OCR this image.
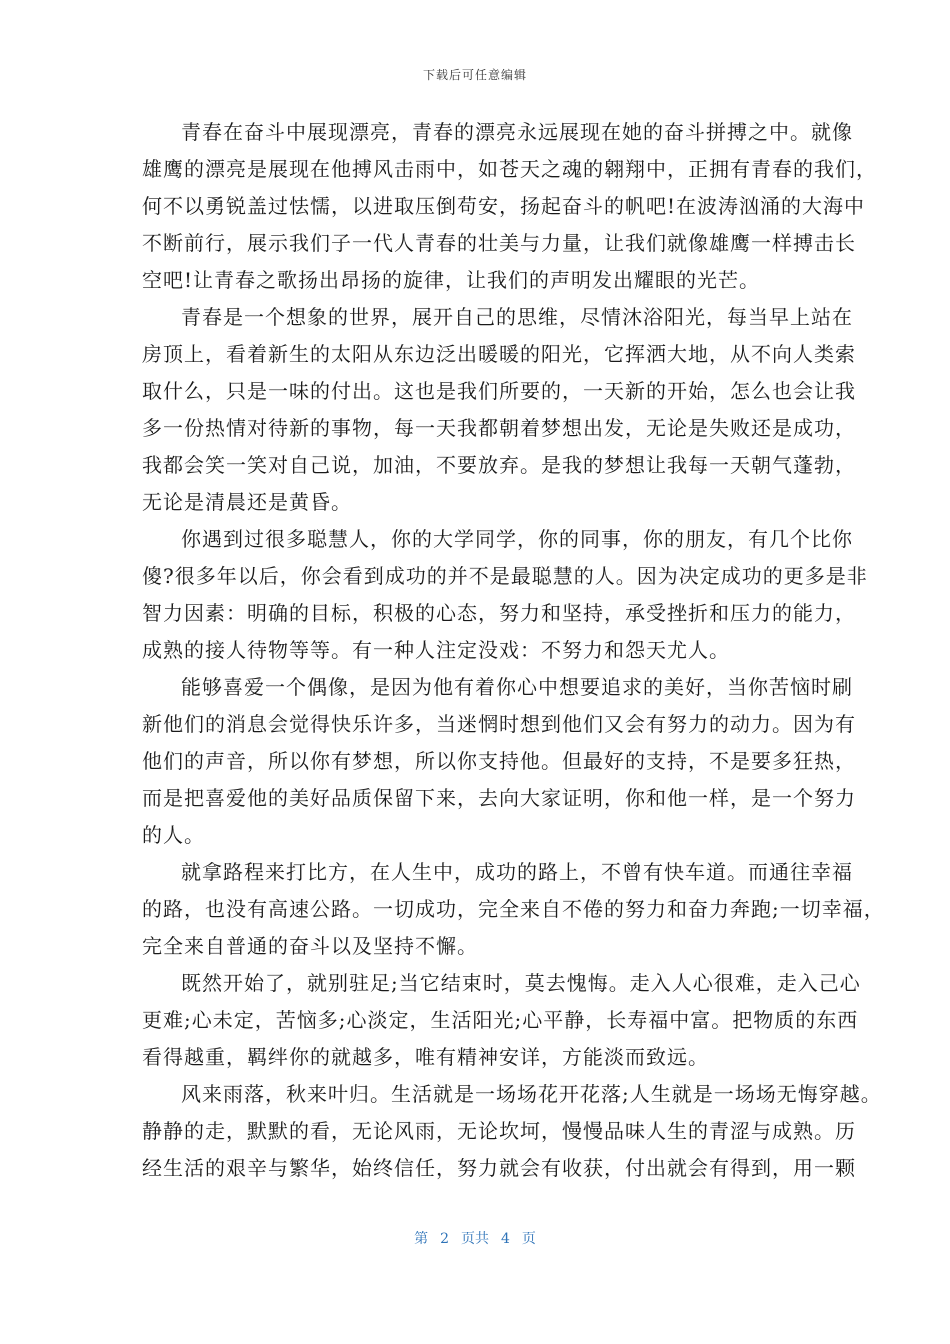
下载后可任意编辑
青春在奋斗中展现漂亮，青春的漂亮永远展现在她的奋斗拼搏之中。就像
雄鹰的漂亮是展现在他搏风击雨中，如苍天之魂的翱翔中，正拥有青春的我们，
何不以勇锐盖过怯懦，以进取压倒苟安，扬起奋斗的帆吧!在波涛汹涌的大海中
不断前行，展示我们子一代人青春的壮美与力量，让我们就像雄鹰一样搏击长
空吧!让青春之歌扬出昂扬的旋律，让我们的声明发出耀眼的光芒。
青春是一个想象的世界，展开自己的思维，尽情沐浴阳光，每当早上站在
房顶上，看着新生的太阳从东边泛出暖暖的阳光，它挥洒大地，从不向人类索
取什么，只是一味的付出。这也是我们所要的，一天新的开始，怎么也会让我
多一份热情对待新的事物，每一天我都朝着梦想出发，无论是失败还是成功，
我都会笑一笑对自己说，加油，不要放弃。是我的梦想让我每一天朝气蓬勃，
无论是清晨还是黄昏。
你遇到过很多聪慧人，你的大学同学，你的同事，你的朋友，有几个比你
傻?很多年以后，你会看到成功的并不是最聪慧的人。因为决定成功的更多是非
智力因素：明确的目标，积极的心态，努力和坚持，承受挫折和压力的能力，
成熟的接人待物等等。有一种人注定没戏：不努力和怨天尤人。
能够喜爱一个偶像，是因为他有着你心中想要追求的美好，当你苦恼时刷
新他们的消息会觉得快乐许多，当迷惘时想到他们又会有努力的动力。因为有
他们的声音，所以你有梦想，所以你支持他。但最好的支持，不是要多狂热，
而是把喜爱他的美好品质保留下来，去向大家证明，你和他一样，是一个努力
的人。
就拿路程来打比方，在人生中，成功的路上，不曾有快车道。而通往幸福
的路，也没有高速公路。一切成功，完全来自不倦的努力和奋力奔跑;一切幸福，
完全来自普通的奋斗以及坚持不懈。
既然开始了，就别驻足;当它结束时，莫去愧悔。走入人心很难，走入己心
更难;心未定，苦恼多;心淡定，生活阳光;心平静，长寿福中富。把物质的东西
看得越重，羁绊你的就越多，唯有精神安详，方能淡而致远。
风来雨落，秋来叶归。生活就是一场场花开花落;人生就是一场场无悔穿越。
静静的走，默默的看，无论风雨，无论坎坷，慢慢品味人生的青涩与成熟。历
经生活的艰辛与繁华，始终信任，努力就会有收获，付出就会有得到，用一颗
第 2 页共 4 页
